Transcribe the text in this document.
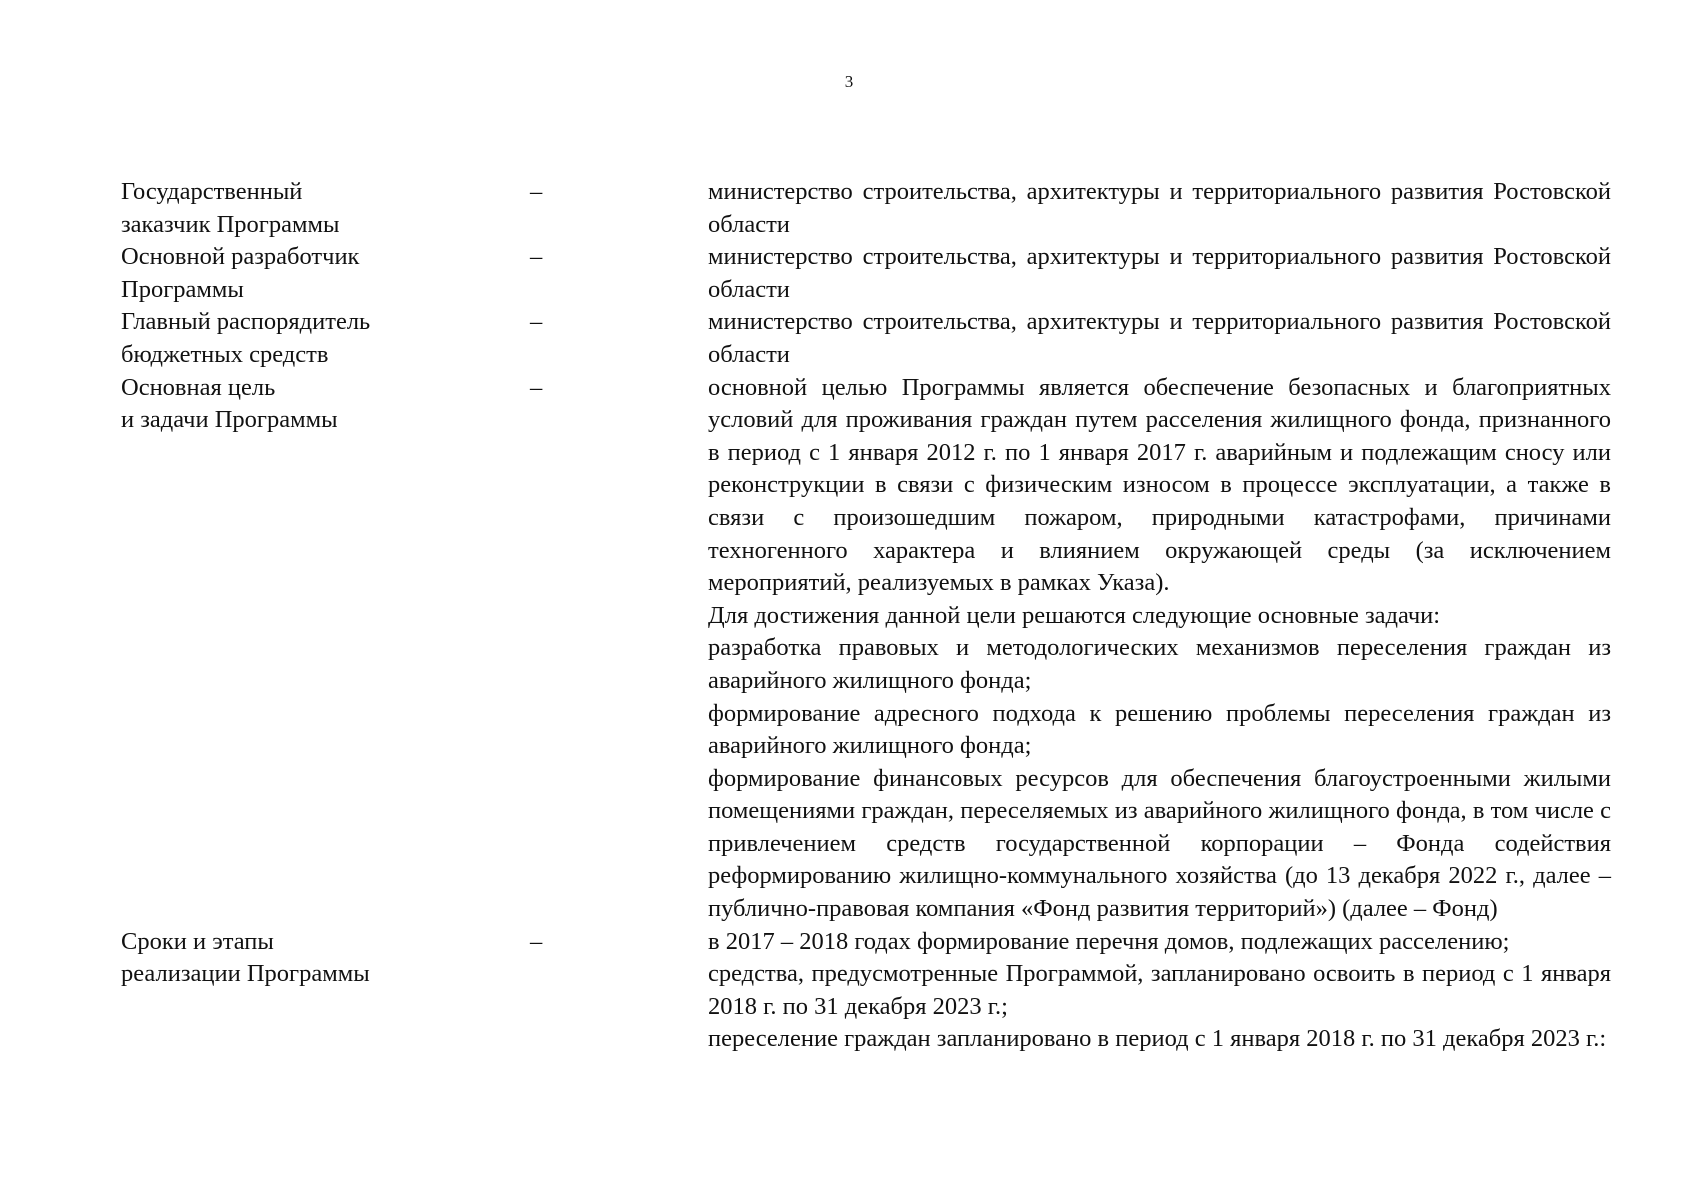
3
Государственный
заказчик Программы
–	министерство строительства, архитектуры и территориального развития Ростовской области

Основной разработчик
Программы
–	министерство строительства, архитектуры и территориального развития Ростовской области

Главный распорядитель
бюджетных средств
–	министерство строительства, архитектуры и территориального развития Ростовской области

Основная цель
и задачи Программы
–	основной целью Программы является обеспечение безопасных и благоприятных условий для проживания граждан путем расселения жилищного фонда, признанного в период с 1 января 2012 г. по 1 января 2017 г. аварийным и подлежащим сносу или реконструкции в связи с физическим износом в процессе эксплуатации, а также в связи с произошедшим пожаром, природными катастрофами, причинами техногенного характера и влиянием окружающей среды (за исключением мероприятий, реализуемых в рамках Указа).

Для достижения данной цели решаются следующие основные задачи:

разработка правовых и методологических механизмов переселения граждан из аварийного жилищного фонда;

формирование адресного подхода к решению проблемы переселения граждан из аварийного жилищного фонда;

формирование финансовых ресурсов для обеспечения благоустроенными жилыми помещениями граждан, переселяемых из аварийного жилищного фонда, в том числе с привлечением средств государственной корпорации – Фонда содействия реформированию жилищно-коммунального хозяйства (до 13 декабря 2022 г., далее – публично-правовая компания «Фонд развития территорий») (далее – Фонд)

Сроки и этапы
реализации Программы
–	в 2017 – 2018 годах формирование перечня домов, подлежащих расселению;

средства, предусмотренные Программой, запланировано освоить в период с 1 января 2018 г. по 31 декабря 2023 г.;

переселение граждан запланировано в период с 1 января 2018 г. по 31 декабря 2023 г.:
